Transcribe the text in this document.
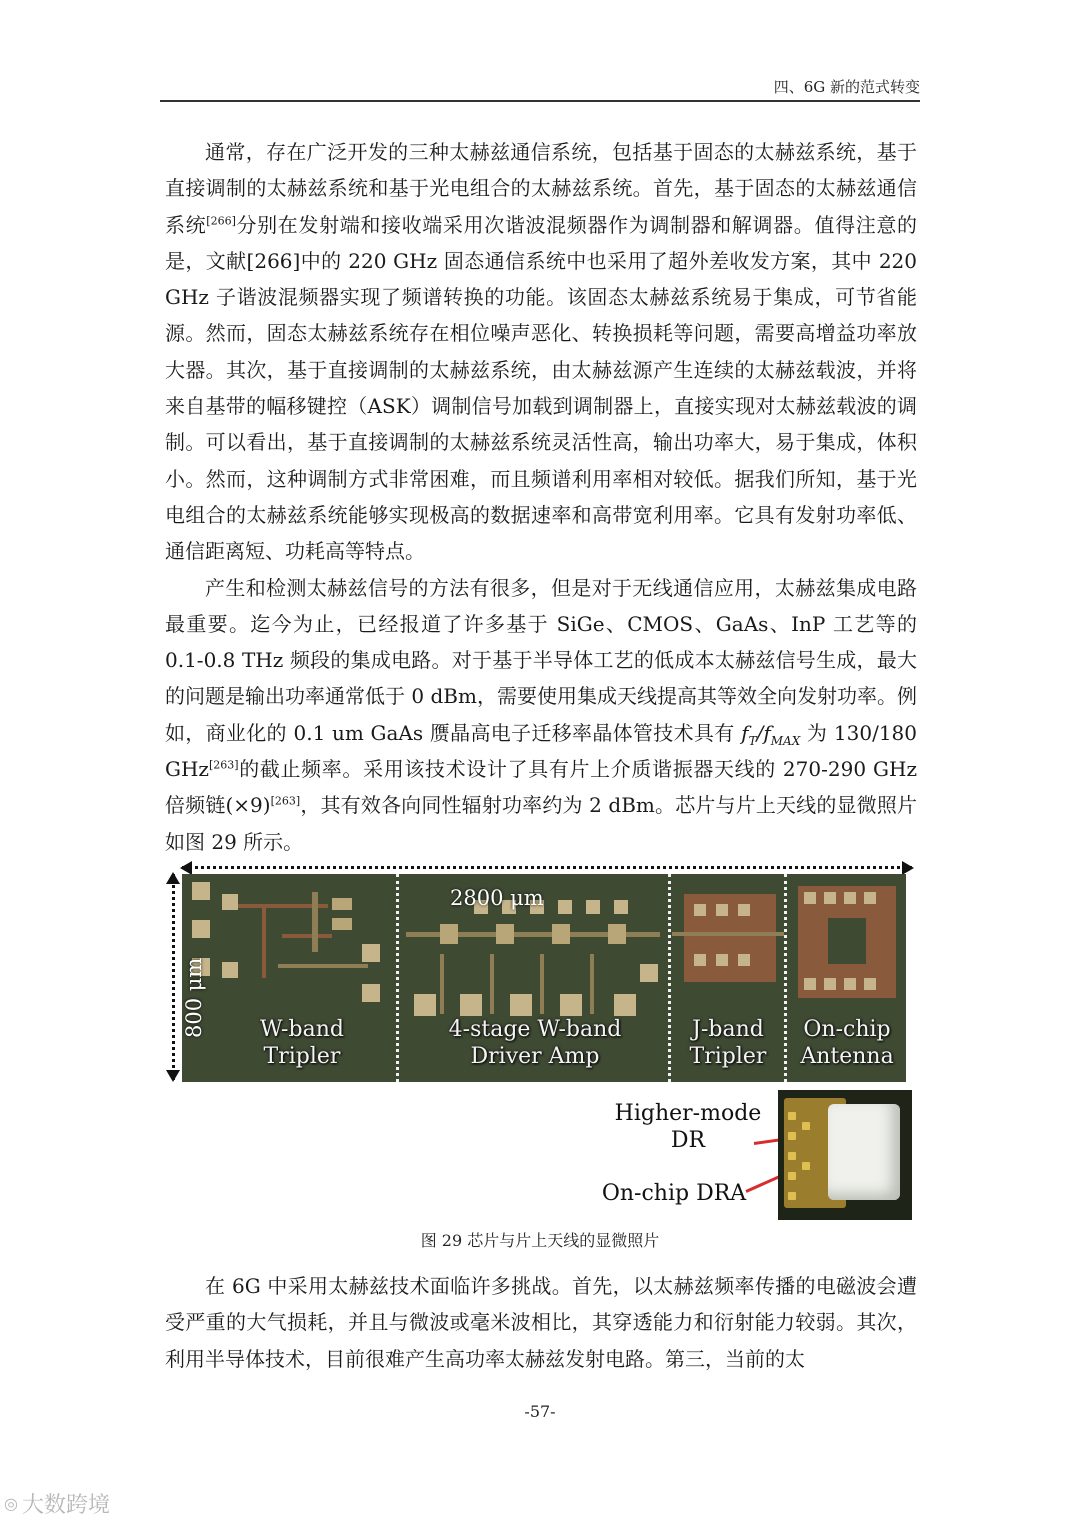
四、6G 新的范式转变

通常，存在广泛开发的三种太赫兹通信系统，包括基于固态的太赫兹系统，基于直接调制的太赫兹系统和基于光电组合的太赫兹系统。首先，基于固态的太赫兹通信系统[266]分别在发射端和接收端采用次谐波混频器作为调制器和解调器。值得注意的是，文献[266]中的 220 GHz 固态通信系统中也采用了超外差收发方案，其中 220 GHz 子谐波混频器实现了频谱转换的功能。该固态太赫兹系统易于集成，可节省能源。然而，固态太赫兹系统存在相位噪声恶化、转换损耗等问题，需要高增益功率放大器。其次，基于直接调制的太赫兹系统，由太赫兹源产生连续的太赫兹载波，并将来自基带的幅移键控（ASK）调制信号加载到调制器上，直接实现对太赫兹载波的调制。可以看出，基于直接调制的太赫兹系统灵活性高，输出功率大，易于集成，体积小。然而，这种调制方式非常困难，而且频谱利用率相对较低。据我们所知，基于光电组合的太赫兹系统能够实现极高的数据速率和高带宽利用率。它具有发射功率低、通信距离短、功耗高等特点。

产生和检测太赫兹信号的方法有很多，但是对于无线通信应用，太赫兹集成电路最重要。迄今为止，已经报道了许多基于 SiGe、CMOS、GaAs、InP 工艺等的 0.1-0.8 THz 频段的集成电路。对于基于半导体工艺的低成本太赫兹信号生成，最大的问题是输出功率通常低于 0 dBm，需要使用集成天线提高其等效全向发射功率。例如，商业化的 0.1 um GaAs 赝晶高电子迁移率晶体管技术具有 $f_T/f_{MAX}$ 为 130/180 GHz[263]的截止频率。采用该技术设计了具有片上介质谐振器天线的 270-290 GHz 倍频链(×9)[263]，其有效各向同性辐射功率约为 2 dBm。芯片与片上天线的显微照片如图 29 所示。

2800 μm
W-band
Tripler
4-stage W-band
Driver Amp
J-band
Tripler
On-chip
Antenna
800 μm
Higher-mode
DR
On-chip DRA
图 29 芯片与片上天线的显微照片

在 6G 中采用太赫兹技术面临许多挑战。首先，以太赫兹频率传播的电磁波会遭受严重的大气损耗，并且与微波或毫米波相比，其穿透能力和衍射能力较弱。其次，利用半导体技术，目前很难产生高功率太赫兹发射电路。第三，当前的太

-57-
◎ 大数跨境
